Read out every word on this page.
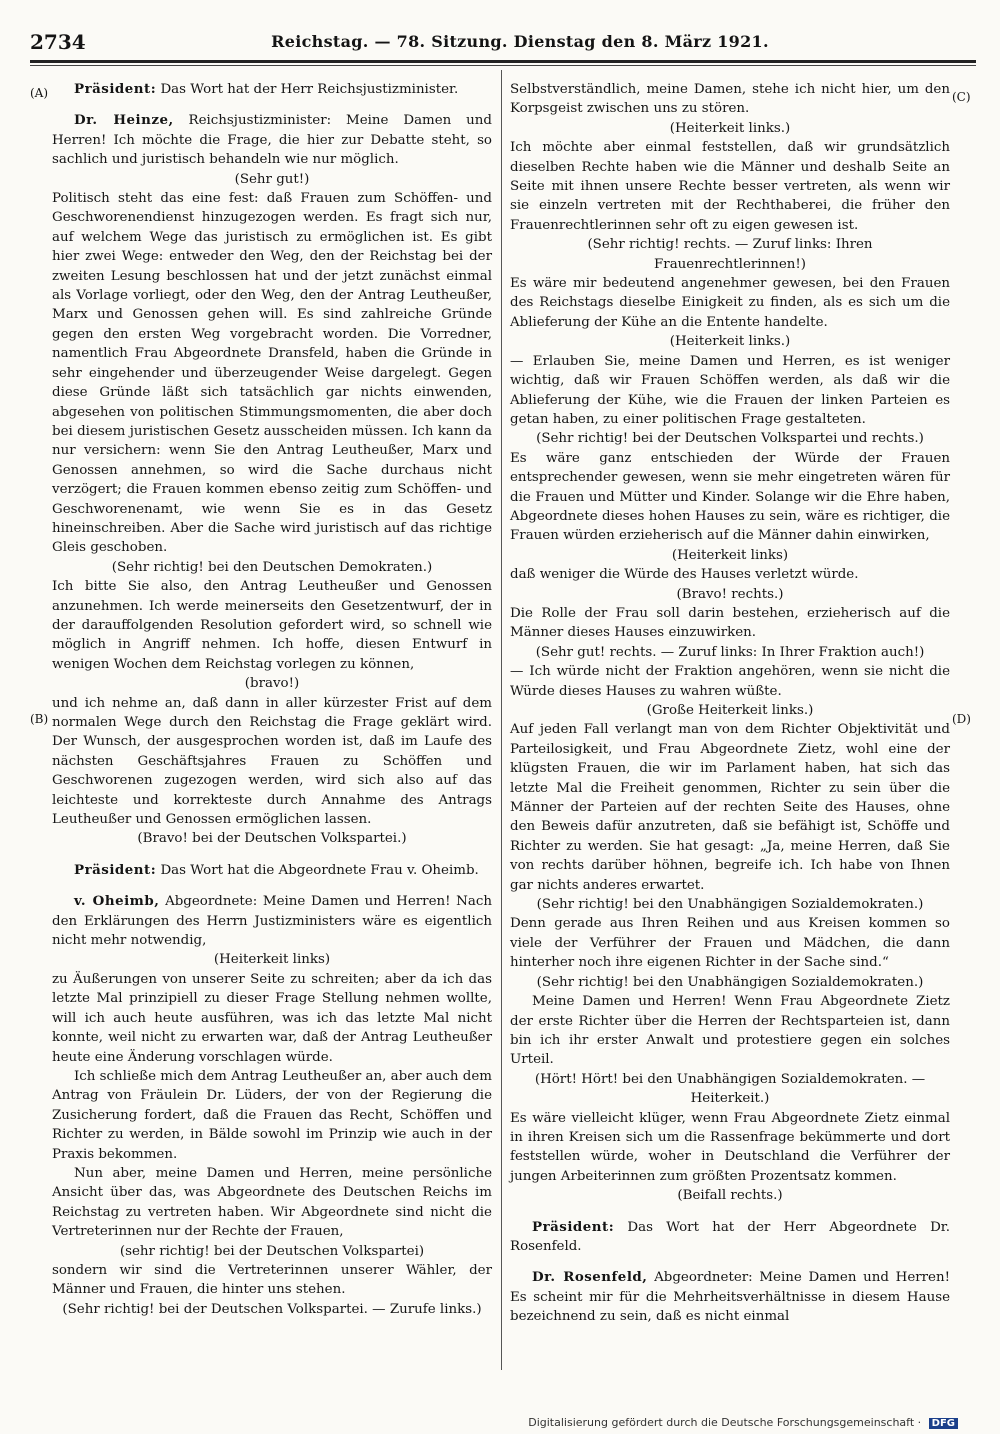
2734	Reichstag. — 78. Sitzung. Dienstag den 8. März 1921.
(A)
(B)
(C)
(D)

Präsident: Das Wort hat der Herr Reichsjustizminister.

Dr. Heinze, Reichsjustizminister: Meine Damen und Herren! Ich möchte die Frage, die hier zur Debatte steht, so sachlich und juristisch behandeln wie nur möglich.

(Sehr gut!)

Politisch steht das eine fest: daß Frauen zum Schöffen- und Geschworenendienst hinzugezogen werden. Es fragt sich nur, auf welchem Wege das juristisch zu ermöglichen ist. Es gibt hier zwei Wege: entweder den Weg, den der Reichstag bei der zweiten Lesung beschlossen hat und der jetzt zunächst einmal als Vorlage vorliegt, oder den Weg, den der Antrag Leutheußer, Marx und Genossen gehen will. Es sind zahlreiche Gründe gegen den ersten Weg vorgebracht worden. Die Vorredner, namentlich Frau Abgeordnete Dransfeld, haben die Gründe in sehr eingehender und überzeugender Weise dargelegt. Gegen diese Gründe läßt sich tatsächlich gar nichts einwenden, abgesehen von politischen Stimmungsmomenten, die aber doch bei diesem juristischen Gesetz ausscheiden müssen. Ich kann da nur versichern: wenn Sie den Antrag Leutheußer, Marx und Genossen annehmen, so wird die Sache durchaus nicht verzögert; die Frauen kommen ebenso zeitig zum Schöffen- und Geschworenenamt, wie wenn Sie es in das Gesetz hineinschreiben. Aber die Sache wird juristisch auf das richtige Gleis geschoben.

(Sehr richtig! bei den Deutschen Demokraten.)

Ich bitte Sie also, den Antrag Leutheußer und Genossen anzunehmen. Ich werde meinerseits den Gesetzentwurf, der in der darauffolgenden Resolution gefordert wird, so schnell wie möglich in Angriff nehmen. Ich hoffe, diesen Entwurf in wenigen Wochen dem Reichstag vorlegen zu können,

(bravo!)

und ich nehme an, daß dann in aller kürzester Frist auf dem normalen Wege durch den Reichstag die Frage geklärt wird. Der Wunsch, der ausgesprochen worden ist, daß im Laufe des nächsten Geschäftsjahres Frauen zu Schöffen und Geschworenen zugezogen werden, wird sich also auf das leichteste und korrekteste durch Annahme des Antrags Leutheußer und Genossen ermöglichen lassen.

(Bravo! bei der Deutschen Volkspartei.)

Präsident: Das Wort hat die Abgeordnete Frau v. Oheimb.

v. Oheimb, Abgeordnete: Meine Damen und Herren! Nach den Erklärungen des Herrn Justizministers wäre es eigentlich nicht mehr notwendig,

(Heiterkeit links)

zu Äußerungen von unserer Seite zu schreiten; aber da ich das letzte Mal prinzipiell zu dieser Frage Stellung nehmen wollte, will ich auch heute ausführen, was ich das letzte Mal nicht konnte, weil nicht zu erwarten war, daß der Antrag Leutheußer heute eine Änderung vorschlagen würde.

Ich schließe mich dem Antrag Leutheußer an, aber auch dem Antrag von Fräulein Dr. Lüders, der von der Regierung die Zusicherung fordert, daß die Frauen das Recht, Schöffen und Richter zu werden, in Bälde sowohl im Prinzip wie auch in der Praxis bekommen.

Nun aber, meine Damen und Herren, meine persönliche Ansicht über das, was Abgeordnete des Deutschen Reichs im Reichstag zu vertreten haben. Wir Abgeordnete sind nicht die Vertreterinnen nur der Rechte der Frauen,

(sehr richtig! bei der Deutschen Volkspartei)

sondern wir sind die Vertreterinnen unserer Wähler, der Männer und Frauen, die hinter uns stehen.

(Sehr richtig! bei der Deutschen Volkspartei. — Zurufe links.)

Selbstverständlich, meine Damen, stehe ich nicht hier, um den Korpsgeist zwischen uns zu stören.

(Heiterkeit links.)

Ich möchte aber einmal feststellen, daß wir grundsätzlich dieselben Rechte haben wie die Männer und deshalb Seite an Seite mit ihnen unsere Rechte besser vertreten, als wenn wir sie einzeln vertreten mit der Rechthaberei, die früher den Frauenrechtlerinnen sehr oft zu eigen gewesen ist.

(Sehr richtig! rechts. — Zuruf links: Ihren Frauenrechtlerinnen!)

Es wäre mir bedeutend angenehmer gewesen, bei den Frauen des Reichstags dieselbe Einigkeit zu finden, als es sich um die Ablieferung der Kühe an die Entente handelte.

(Heiterkeit links.)

— Erlauben Sie, meine Damen und Herren, es ist weniger wichtig, daß wir Frauen Schöffen werden, als daß wir die Ablieferung der Kühe, wie die Frauen der linken Parteien es getan haben, zu einer politischen Frage gestalteten.

(Sehr richtig! bei der Deutschen Volkspartei und rechts.)

Es wäre ganz entschieden der Würde der Frauen entsprechender gewesen, wenn sie mehr eingetreten wären für die Frauen und Mütter und Kinder. Solange wir die Ehre haben, Abgeordnete dieses hohen Hauses zu sein, wäre es richtiger, die Frauen würden erzieherisch auf die Männer dahin einwirken,

(Heiterkeit links)

daß weniger die Würde des Hauses verletzt würde.

(Bravo! rechts.)

Die Rolle der Frau soll darin bestehen, erzieherisch auf die Männer dieses Hauses einzuwirken.

(Sehr gut! rechts. — Zuruf links: In Ihrer Fraktion auch!)

— Ich würde nicht der Fraktion angehören, wenn sie nicht die Würde dieses Hauses zu wahren wüßte.

(Große Heiterkeit links.)

Auf jeden Fall verlangt man von dem Richter Objektivität und Parteilosigkeit, und Frau Abgeordnete Zietz, wohl eine der klügsten Frauen, die wir im Parlament haben, hat sich das letzte Mal die Freiheit genommen, Richter zu sein über die Männer der Parteien auf der rechten Seite des Hauses, ohne den Beweis dafür anzutreten, daß sie befähigt ist, Schöffe und Richter zu werden. Sie hat gesagt: „Ja, meine Herren, daß Sie von rechts darüber höhnen, begreife ich. Ich habe von Ihnen gar nichts anderes erwartet.

(Sehr richtig! bei den Unabhängigen Sozialdemokraten.)

Denn gerade aus Ihren Reihen und aus Kreisen kommen so viele der Verführer der Frauen und Mädchen, die dann hinterher noch ihre eigenen Richter in der Sache sind.“

(Sehr richtig! bei den Unabhängigen Sozialdemokraten.)

Meine Damen und Herren! Wenn Frau Abgeordnete Zietz der erste Richter über die Herren der Rechtsparteien ist, dann bin ich ihr erster Anwalt und protestiere gegen ein solches Urteil.

(Hört! Hört! bei den Unabhängigen Sozialdemokraten. — Heiterkeit.)

Es wäre vielleicht klüger, wenn Frau Abgeordnete Zietz einmal in ihren Kreisen sich um die Rassenfrage bekümmerte und dort feststellen würde, woher in Deutschland die Verführer der jungen Arbeiterinnen zum größten Prozentsatz kommen.

(Beifall rechts.)

Präsident: Das Wort hat der Herr Abgeordnete Dr. Rosenfeld.

Dr. Rosenfeld, Abgeordneter: Meine Damen und Herren! Es scheint mir für die Mehrheitsverhältnisse in diesem Hause bezeichnend zu sein, daß es nicht einmal

Digitalisierung gefördert durch die Deutsche Forschungsgemeinschaft · DFG
